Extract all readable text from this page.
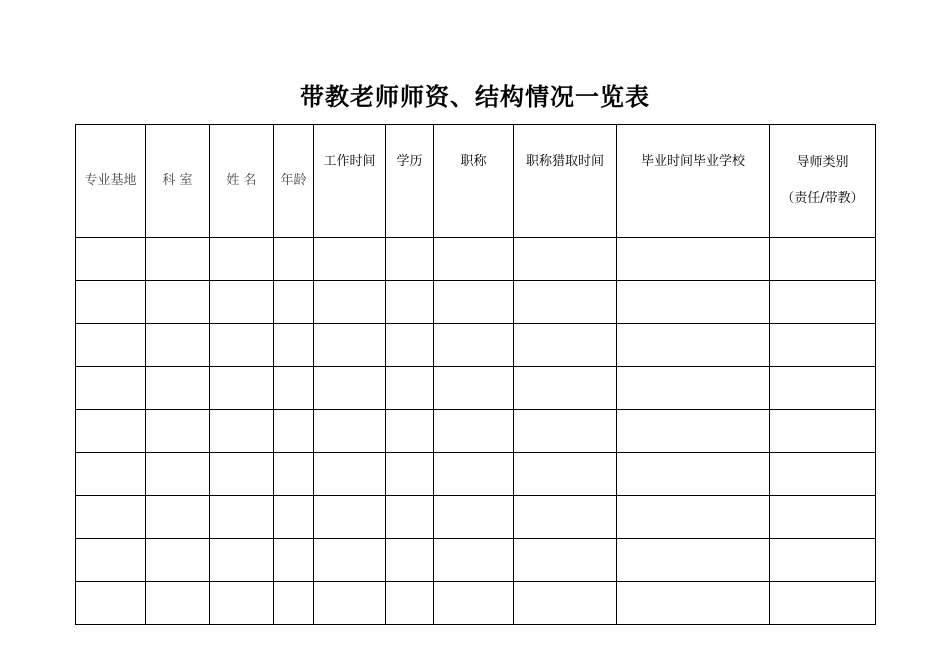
带教老师师资、结构情况一览表
专业基地	科 室	姓 名	年龄	工作时间	学历	职称	职称猎取时间	毕业时间毕业学校	导师类别
（责任/带教）
